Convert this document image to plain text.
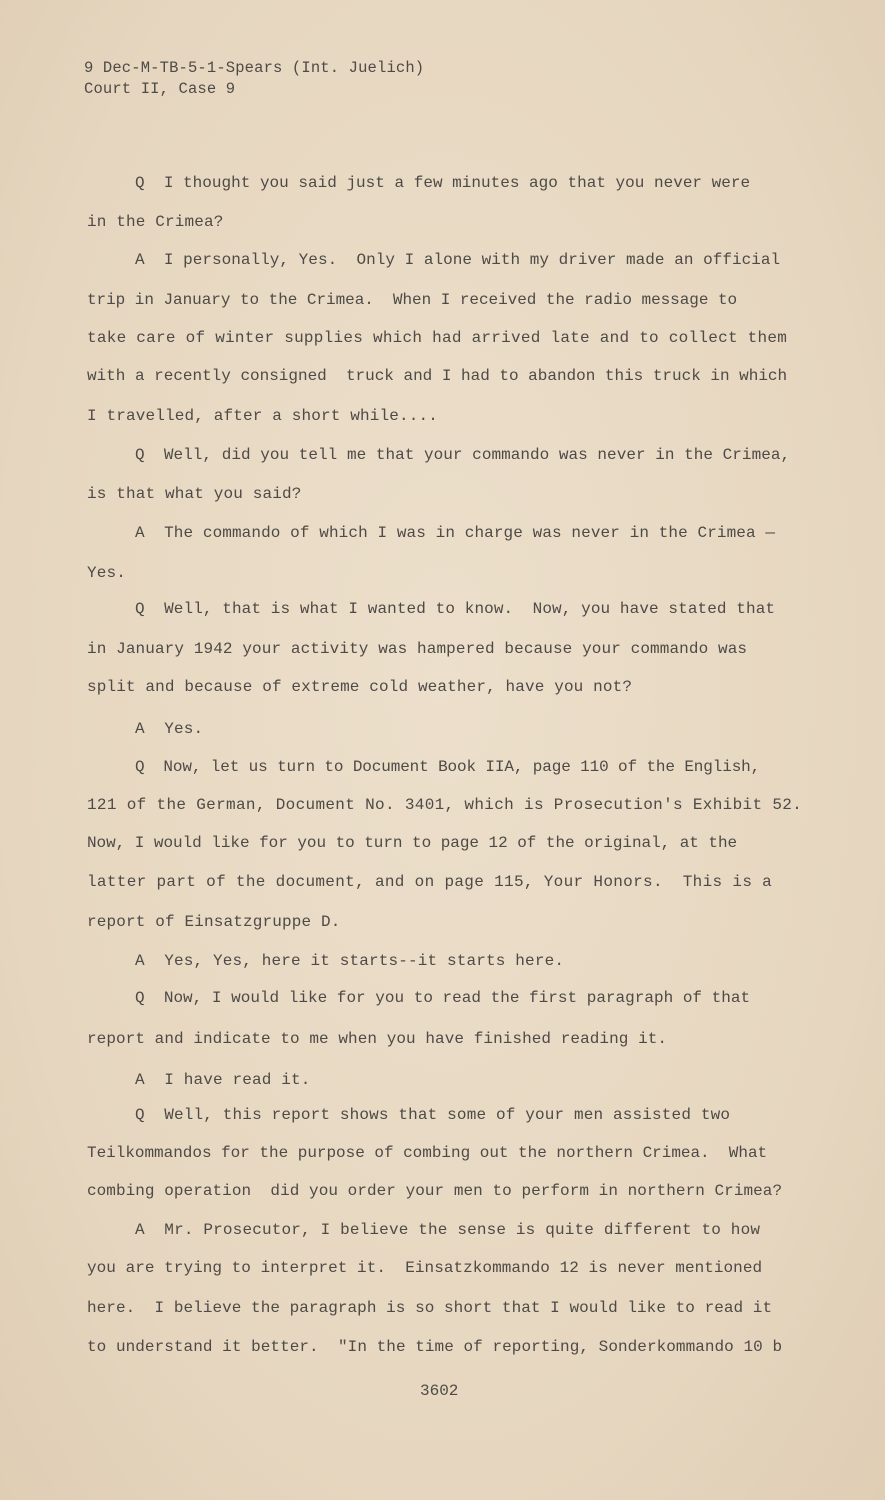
9 Dec-M-TB-5-1-Spears (Int. Juelich)
Court II, Case 9
Q  I thought you said just a few minutes ago that you never were
in the Crimea?
A  I personally, Yes.  Only I alone with my driver made an official
trip in January to the Crimea.  When I received the radio message to
take care of winter supplies which had arrived late and to collect them
with a recently consigned  truck and I had to abandon this truck in which
I travelled, after a short while....
Q  Well, did you tell me that your commando was never in the Crimea,
is that what you said?
A  The commando of which I was in charge was never in the Crimea —
Yes.
Q  Well, that is what I wanted to know.  Now, you have stated that
in January 1942 your activity was hampered because your commando was
split and because of extreme cold weather, have you not?
A  Yes.
Q  Now, let us turn to Document Book IIA, page 110 of the English,
121 of the German, Document No. 3401, which is Prosecution's Exhibit 52.
Now, I would like for you to turn to page 12 of the original, at the
latter part of the document, and on page 115, Your Honors.  This is a
report of Einsatzgruppe D.
A  Yes, Yes, here it starts--it starts here.
Q  Now, I would like for you to read the first paragraph of that
report and indicate to me when you have finished reading it.
A  I have read it.
Q  Well, this report shows that some of your men assisted two
Teilkommandos for the purpose of combing out the northern Crimea.  What
combing operation  did you order your men to perform in northern Crimea?
A  Mr. Prosecutor, I believe the sense is quite different to how
you are trying to interpret it.  Einsatzkommando 12 is never mentioned
here.  I believe the paragraph is so short that I would like to read it
to understand it better.  "In the time of reporting, Sonderkommando 10 b
3602
